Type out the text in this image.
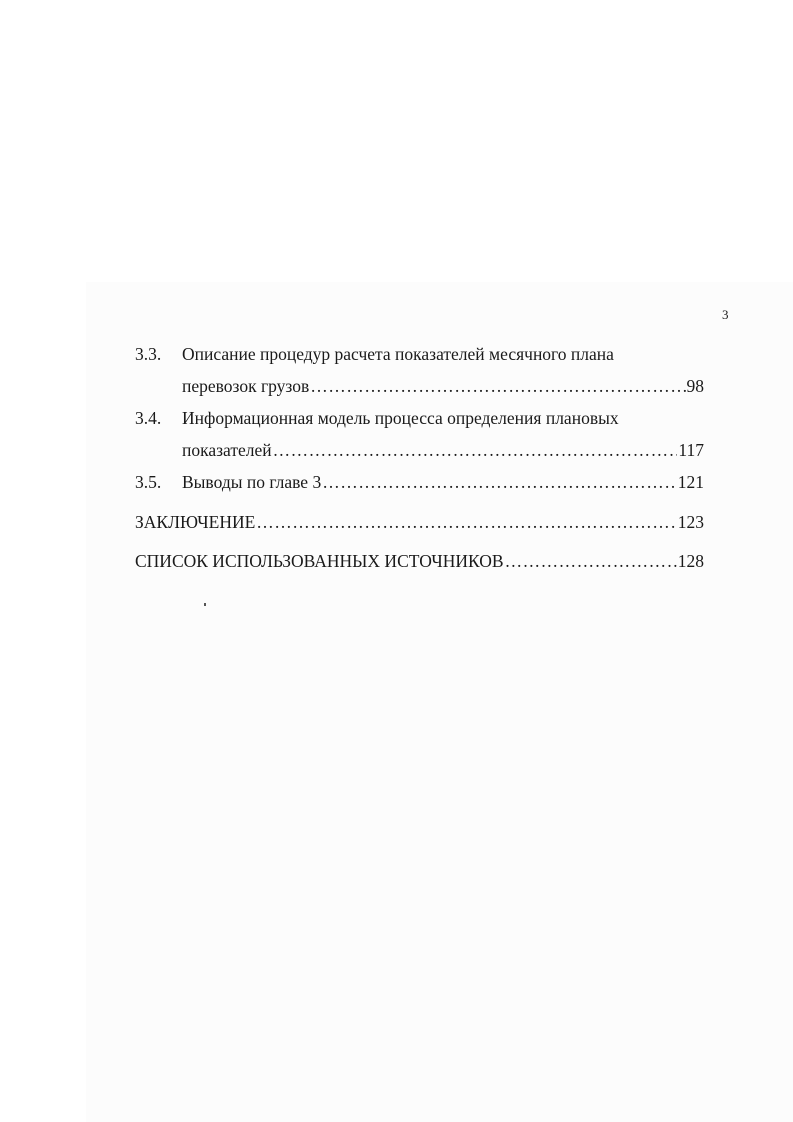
3
3.3. Описание процедур расчета показателей месячного плана
перевозок грузов ……………………………………………………………………………………………………………………………………………………………………	98
3.4. Информационная модель процесса определения плановых
показателей ……………………………………………………………………………………………………………………………………………………………………	117
3.5. Выводы по главе 3 ……………………………………………………………………………………………………………………………………………………………………	121
ЗАКЛЮЧЕНИЕ ……………………………………………………………………………………………………………………………………………………………………	123
СПИСОК ИСПОЛЬЗОВАННЫХ ИСТОЧНИКОВ ……………………………………………………………………………………………………………………………………………………………………	128
